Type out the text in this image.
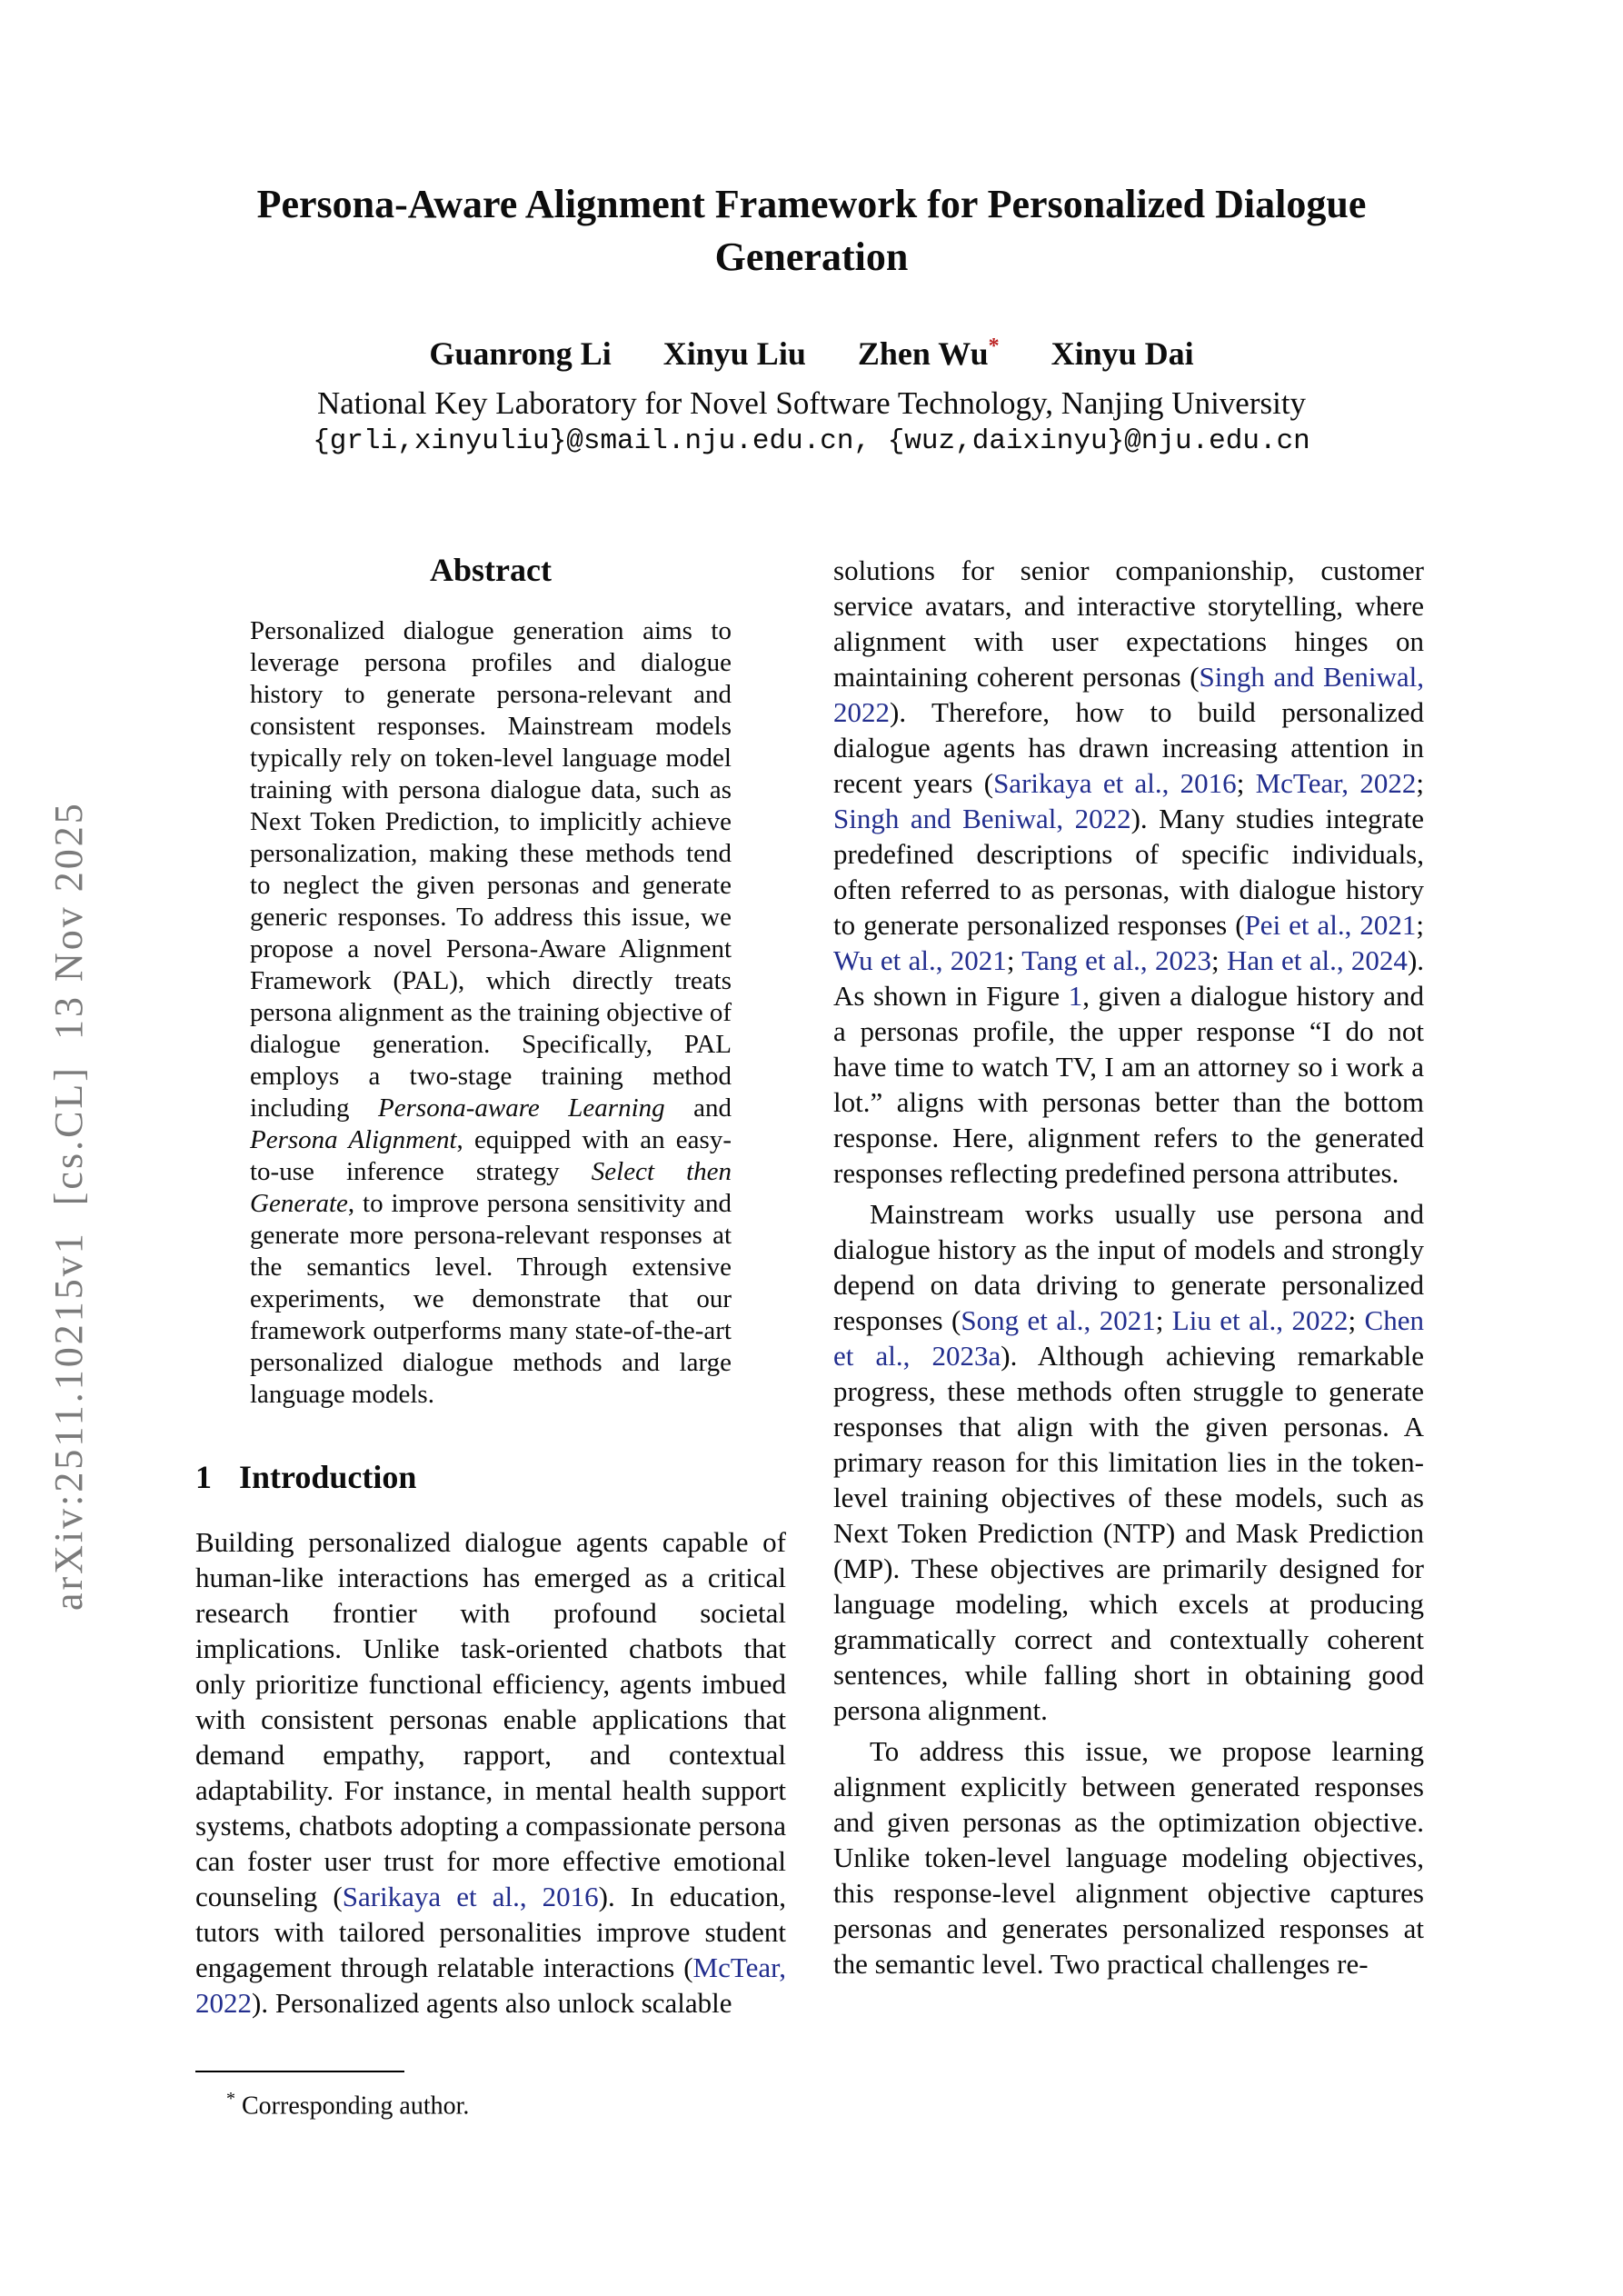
arXiv:2511.10215v1  [cs.CL]  13 Nov 2025
Persona-Aware Alignment Framework for Personalized Dialogue
Generation
Guanrong Li Xinyu Liu Zhen Wu* Xinyu Dai
National Key Laboratory for Novel Software Technology, Nanjing University
{grli,xinyuliu}@smail.nju.edu.cn, {wuz,daixinyu}@nju.edu.cn
Abstract
Personalized dialogue generation aims to leverage persona profiles and dialogue history to generate persona-relevant and consistent responses. Mainstream models typically rely on token-level language model training with persona dialogue data, such as Next Token Prediction, to implicitly achieve personalization, making these methods tend to neglect the given personas and generate generic responses. To address this issue, we propose a novel Persona-Aware Alignment Framework (PAL), which directly treats persona alignment as the training objective of dialogue generation. Specifically, PAL employs a two-stage training method including Persona-aware Learning and Persona Alignment, equipped with an easy-to-use inference strategy Select then Generate, to improve persona sensitivity and generate more persona-relevant responses at the semantics level. Through extensive experiments, we demonstrate that our framework outperforms many state-of-the-art personalized dialogue methods and large language models.
1 Introduction

Building personalized dialogue agents capable of human-like interactions has emerged as a critical research frontier with profound societal implications. Unlike task-oriented chatbots that only prioritize functional efficiency, agents imbued with consistent personas enable applications that demand empathy, rapport, and contextual adaptability. For instance, in mental health support systems, chatbots adopting a compassionate persona can foster user trust for more effective emotional counseling (Sarikaya et al., 2016). In education, tutors with tailored personalities improve student engagement through relatable interactions (McTear, 2022). Personalized agents also unlock scalable

solutions for senior companionship, customer service avatars, and interactive storytelling, where alignment with user expectations hinges on maintaining coherent personas (Singh and Beniwal, 2022). Therefore, how to build personalized dialogue agents has drawn increasing attention in recent years (Sarikaya et al., 2016; McTear, 2022; Singh and Beniwal, 2022). Many studies integrate predefined descriptions of specific individuals, often referred to as personas, with dialogue history to generate personalized responses (Pei et al., 2021; Wu et al., 2021; Tang et al., 2023; Han et al., 2024). As shown in Figure 1, given a dialogue history and a personas profile, the upper response “I do not have time to watch TV, I am an attorney so i work a lot.” aligns with personas better than the bottom response. Here, alignment refers to the generated responses reflecting predefined persona attributes.

Mainstream works usually use persona and dialogue history as the input of models and strongly depend on data driving to generate personalized responses (Song et al., 2021; Liu et al., 2022; Chen et al., 2023a). Although achieving remarkable progress, these methods often struggle to generate responses that align with the given personas. A primary reason for this limitation lies in the token-level training objectives of these models, such as Next Token Prediction (NTP) and Mask Prediction (MP). These objectives are primarily designed for language modeling, which excels at producing grammatically correct and contextually coherent sentences, while falling short in obtaining good persona alignment.

To address this issue, we propose learning alignment explicitly between generated responses and given personas as the optimization objective. Unlike token-level language modeling objectives, this response-level alignment objective captures personas and generates personalized responses at the semantic level. Two practical challenges re-

* Corresponding author.
